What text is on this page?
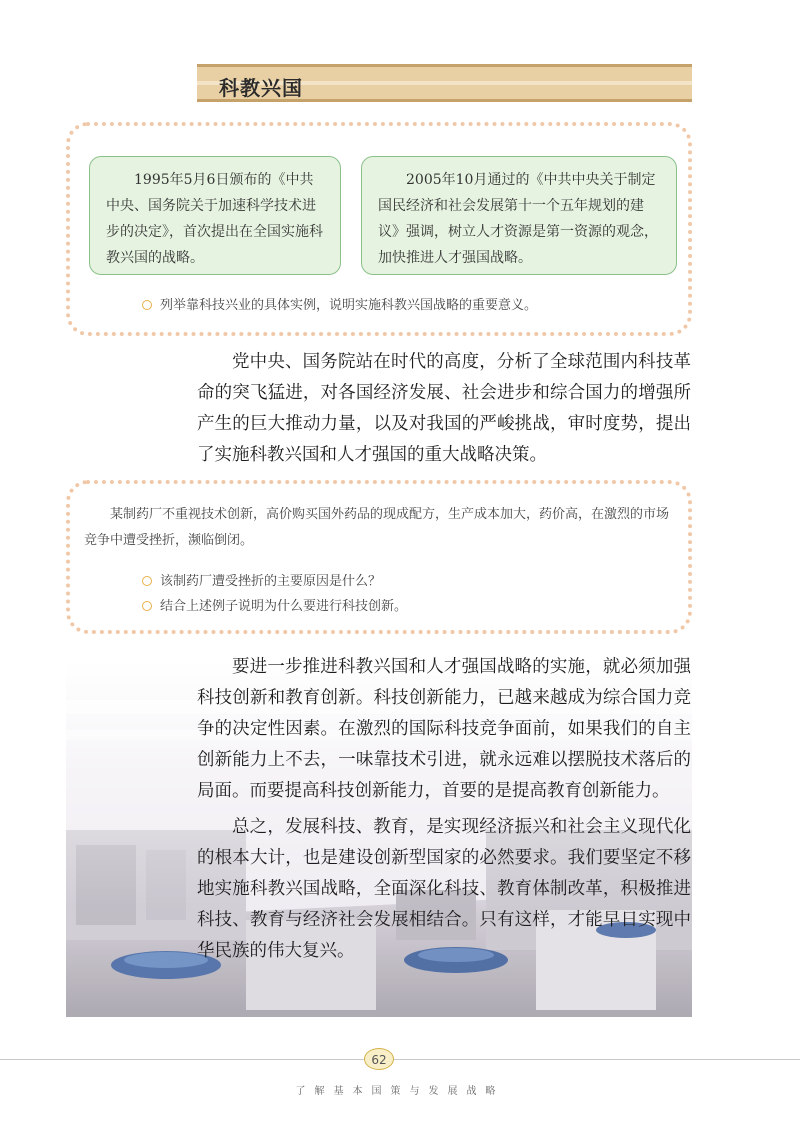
科教兴国
1995年5月6日颁布的《中共中央、国务院关于加速科学技术进步的决定》，首次提出在全国实施科教兴国的战略。
2005年10月通过的《中共中央关于制定国民经济和社会发展第十一个五年规划的建议》强调，树立人才资源是第一资源的观念，加快推进人才强国战略。
列举靠科技兴业的具体实例，说明实施科教兴国战略的重要意义。

党中央、国务院站在时代的高度，分析了全球范围内科技革命的突飞猛进，对各国经济发展、社会进步和综合国力的增强所产生的巨大推动力量，以及对我国的严峻挑战，审时度势，提出了实施科教兴国和人才强国的重大战略决策。

某制药厂不重视技术创新，高价购买国外药品的现成配方，生产成本加大，药价高，在激烈的市场竞争中遭受挫折，濒临倒闭。
该制药厂遭受挫折的主要原因是什么？
结合上述例子说明为什么要进行科技创新。

要进一步推进科教兴国和人才强国战略的实施，就必须加强科技创新和教育创新。科技创新能力，已越来越成为综合国力竞争的决定性因素。在激烈的国际科技竞争面前，如果我们的自主创新能力上不去，一味靠技术引进，就永远难以摆脱技术落后的局面。而要提高科技创新能力，首要的是提高教育创新能力。

总之，发展科技、教育，是实现经济振兴和社会主义现代化的根本大计，也是建设创新型国家的必然要求。我们要坚定不移地实施科教兴国战略，全面深化科技、教育体制改革，积极推进科技、教育与经济社会发展相结合。只有这样，才能早日实现中华民族的伟大复兴。

62
了解基本国策与发展战略
